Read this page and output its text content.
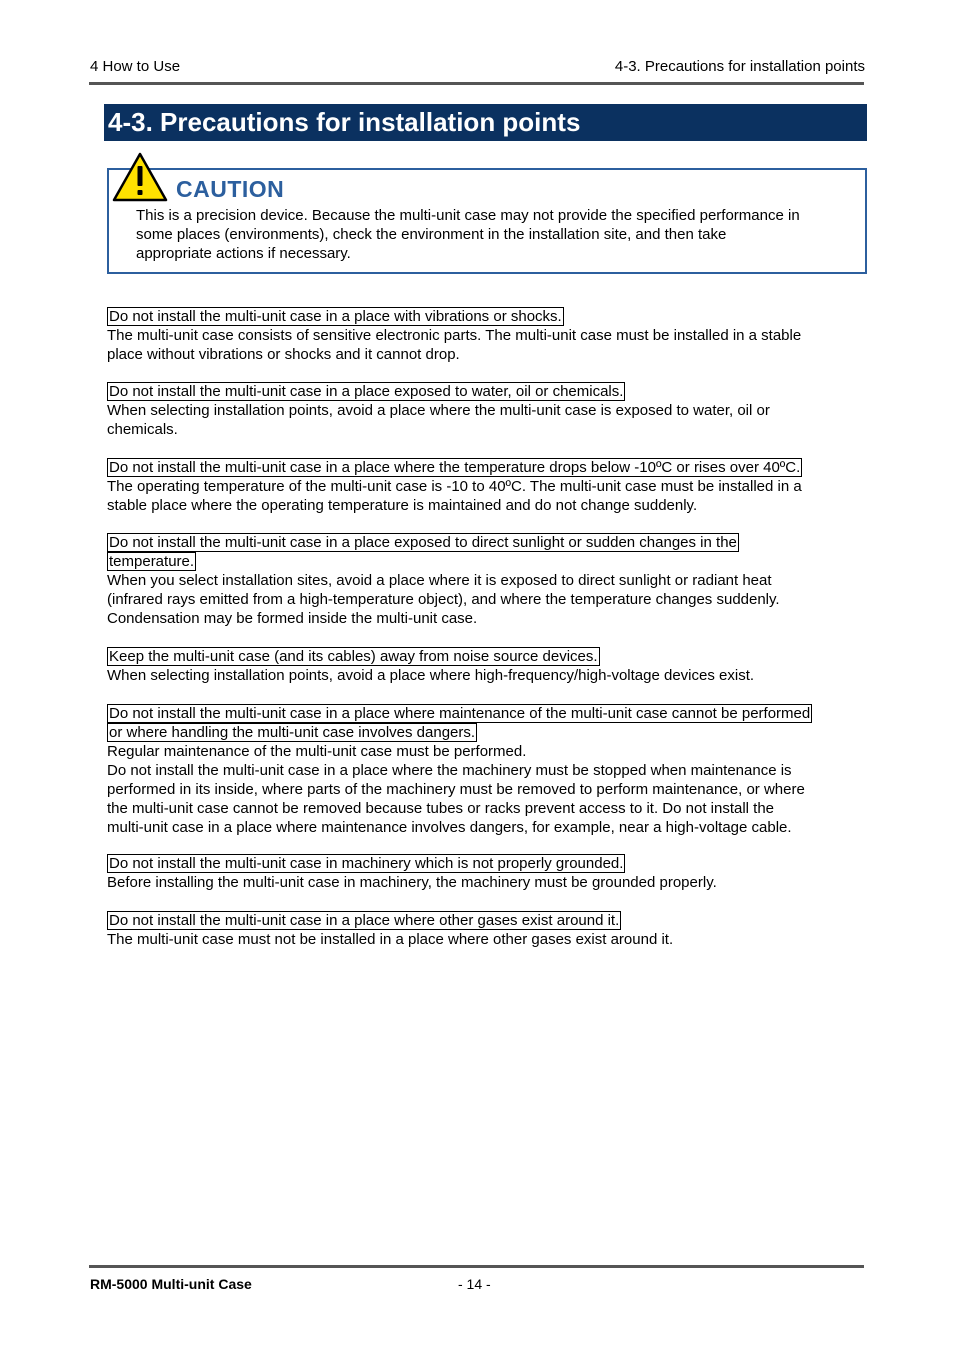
4 How to Use	4-3. Precautions for installation points
4-3. Precautions for installation points
CAUTION
This is a precision device. Because the multi-unit case may not provide the specified performance in
some places (environments), check the environment in the installation site, and then take
appropriate actions if necessary.
Do not install the multi-unit case in a place with vibrations or shocks.

The multi-unit case consists of sensitive electronic parts. The multi-unit case must be installed in a stable

place without vibrations or shocks and it cannot drop.

Do not install the multi-unit case in a place exposed to water, oil or chemicals.

When selecting installation points, avoid a place where the multi-unit case is exposed to water, oil or

chemicals.

Do not install the multi-unit case in a place where the temperature drops below -10ºC or rises over 40ºC.

The operating temperature of the multi-unit case is -10 to 40ºC. The multi-unit case must be installed in a

stable place where the operating temperature is maintained and do not change suddenly.

Do not install the multi-unit case in a place exposed to direct sunlight or sudden changes in the
temperature.

When you select installation sites, avoid a place where it is exposed to direct sunlight or radiant heat

(infrared rays emitted from a high-temperature object), and where the temperature changes suddenly.

Condensation may be formed inside the multi-unit case.

Keep the multi-unit case (and its cables) away from noise source devices.

When selecting installation points, avoid a place where high-frequency/high-voltage devices exist.

Do not install the multi-unit case in a place where maintenance of the multi-unit case cannot be performed
or where handling the multi-unit case involves dangers.

Regular maintenance of the multi-unit case must be performed.

Do not install the multi-unit case in a place where the machinery must be stopped when maintenance is

performed in its inside, where parts of the machinery must be removed to perform maintenance, or where

the multi-unit case cannot be removed because tubes or racks prevent access to it. Do not install the

multi-unit case in a place where maintenance involves dangers, for example, near a high-voltage cable.

Do not install the multi-unit case in machinery which is not properly grounded.

Before installing the multi-unit case in machinery, the machinery must be grounded properly.

Do not install the multi-unit case in a place where other gases exist around it.

The multi-unit case must not be installed in a place where other gases exist around it.

RM-5000 Multi-unit Case	- 14 -
